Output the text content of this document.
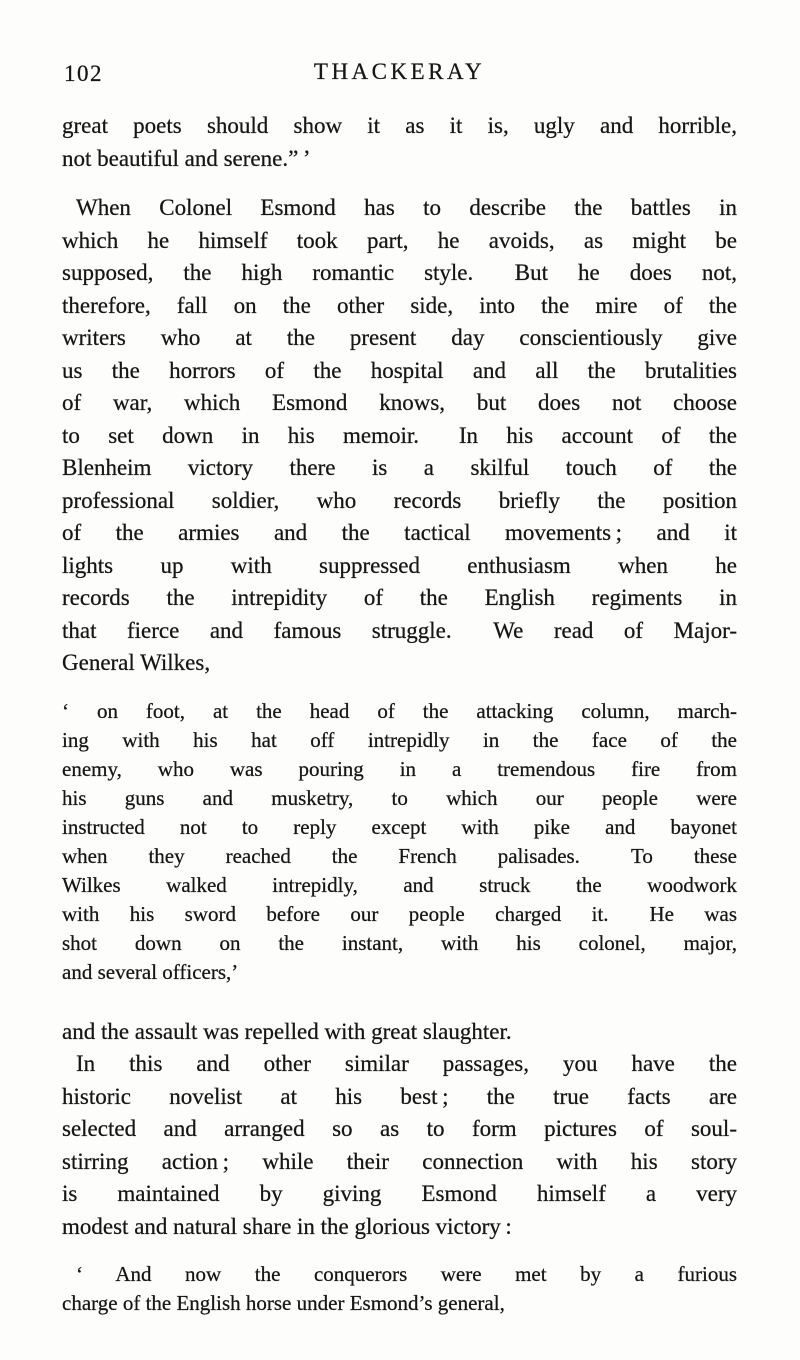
102	THACKERAY
great poets should show it as it is, ugly and horrible,
not beautiful and serene.” ’
When Colonel Esmond has to describe the battles in
which he himself took part, he avoids, as might be
supposed, the high romantic style.  But he does not,
therefore, fall on the other side, into the mire of the
writers who at the present day conscientiously give
us the horrors of the hospital and all the brutalities
of war, which Esmond knows, but does not choose
to set down in his memoir.  In his account of the
Blenheim victory there is a skilful touch of the
professional soldier, who records briefly the position
of the armies and the tactical movements ; and it
lights up with suppressed enthusiasm when he
records the intrepidity of the English regiments in
that fierce and famous struggle.  We read of Major-
General Wilkes,
‘ on foot, at the head of the attacking column, march-
ing with his hat off intrepidly in the face of the
enemy, who was pouring in a tremendous fire from
his guns and musketry, to which our people were
instructed not to reply except with pike and bayonet
when they reached the French palisades.  To these
Wilkes walked intrepidly, and struck the woodwork
with his sword before our people charged it.  He was
shot down on the instant, with his colonel, major,
and several officers,’
and the assault was repelled with great slaughter.
In this and other similar passages, you have the
historic novelist at his best ; the true facts are
selected and arranged so as to form pictures of soul-
stirring action ; while their connection with his story
is maintained by giving Esmond himself a very
modest and natural share in the glorious victory :
‘ And now the conquerors were met by a furious
charge of the English horse under Esmond’s general,
